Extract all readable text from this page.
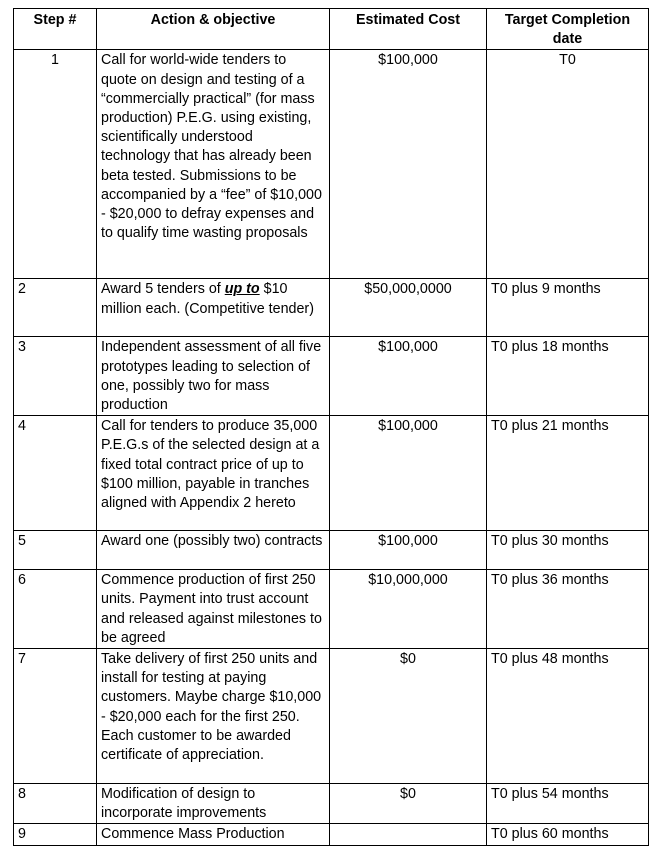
Step #	Action & objective	Estimated Cost	Target Completion date
1	Call for world-wide tenders to quote on design and testing of a “commercially practical” (for mass production) P.E.G. using existing, scientifically understood technology that has already been beta tested. Submissions to be accompanied by a “fee” of $10,000 - $20,000 to defray expenses and to qualify time wasting proposals	$100,000	T0
2	Award 5 tenders of up to $10 million each. (Competitive tender)	$50,000,0000	T0 plus 9 months
3	Independent assessment of all five prototypes leading to selection of one, possibly two for mass production	$100,000	T0 plus 18 months
4	Call for tenders to produce 35,000 P.E.G.s of the selected design at a fixed total contract price of up to $100 million, payable in tranches aligned with Appendix 2 hereto	$100,000	T0 plus 21 months
5	Award one (possibly two) contracts	$100,000	T0 plus 30 months
6	Commence production of first 250 units. Payment into trust account and released against milestones to be agreed	$10,000,000	T0 plus 36 months
7	Take delivery of first 250 units and install for testing at paying customers. Maybe charge $10,000 - $20,000 each for the first 250. Each customer to be awarded certificate of appreciation.	$0	T0 plus 48 months
8	Modification of design to incorporate improvements	$0	T0 plus 54 months
9	Commence Mass Production		T0 plus 60 months
